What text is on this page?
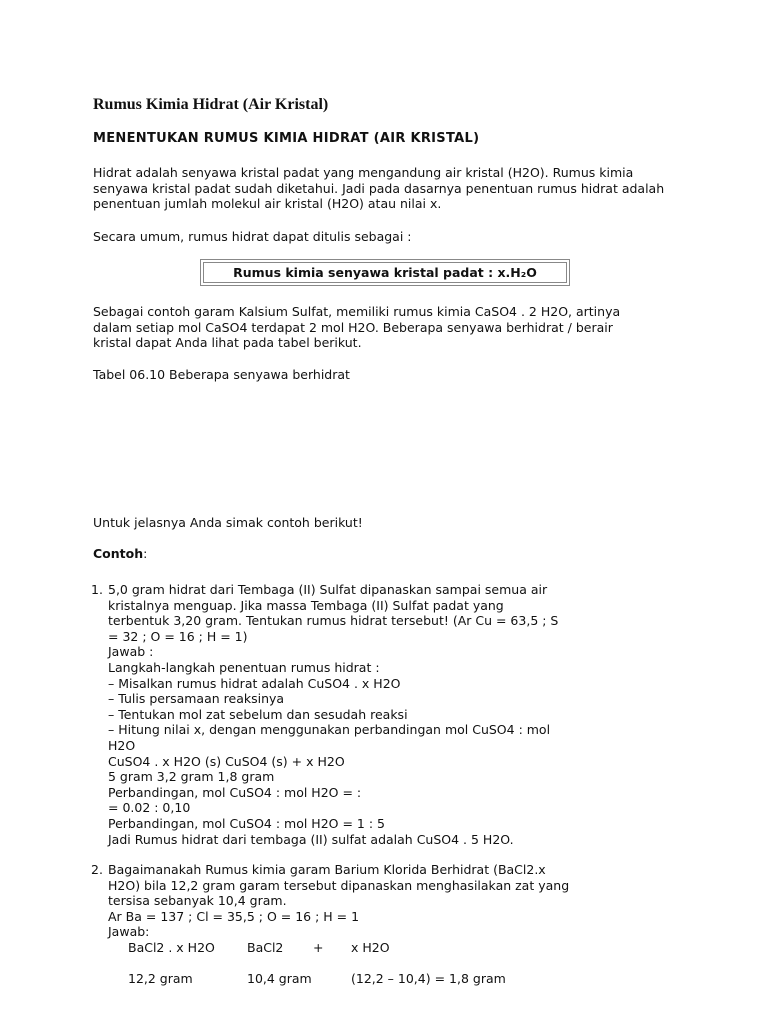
Rumus Kimia Hidrat (Air Kristal)
MENENTUKAN RUMUS KIMIA HIDRAT (AIR KRISTAL)

Hidrat adalah senyawa kristal padat yang mengandung air kristal (H2O). Rumus kimia senyawa kristal padat sudah diketahui. Jadi pada dasarnya penentuan rumus hidrat adalah penentuan jumlah molekul air kristal (H2O) atau nilai x.

Secara umum, rumus hidrat dapat ditulis sebagai :

Rumus kimia senyawa kristal padat : x.H₂O

Sebagai contoh garam Kalsium Sulfat, memiliki rumus kimia CaSO4 . 2 H2O, artinya dalam setiap mol CaSO4 terdapat 2 mol H2O. Beberapa senyawa berhidrat / berair kristal dapat Anda lihat pada tabel berikut.

Tabel 06.10 Beberapa senyawa berhidrat

Untuk jelasnya Anda simak contoh berikut!

Contoh:

1. 5,0 gram hidrat dari Tembaga (II) Sulfat dipanaskan sampai semua air
kristalnya menguap. Jika massa Tembaga (II) Sulfat padat yang
terbentuk 3,20 gram. Tentukan rumus hidrat tersebut! (Ar Cu = 63,5 ; S
= 32 ; O = 16 ; H = 1)
Jawab :
Langkah-langkah penentuan rumus hidrat :
– Misalkan rumus hidrat adalah CuSO4 . x H2O
– Tulis persamaan reaksinya
– Tentukan mol zat sebelum dan sesudah reaksi
– Hitung nilai x, dengan menggunakan perbandingan mol CuSO4 : mol
H2O
CuSO4 . x H2O (s) CuSO4 (s) + x H2O
5 gram 3,2 gram 1,8 gram
Perbandingan, mol CuSO4 : mol H2O = :
= 0.02 : 0,10
Perbandingan, mol CuSO4 : mol H2O = 1 : 5
Jadi Rumus hidrat dari tembaga (II) sulfat adalah CuSO4 . 5 H2O.
2. Bagaimanakah Rumus kimia garam Barium Klorida Berhidrat (BaCl2.x
H2O) bila 12,2 gram garam tersebut dipanaskan menghasilakan zat yang
tersisa sebanyak 10,4 gram.
Ar Ba = 137 ; Cl = 35,5 ; O = 16 ; H = 1
Jawab:
BaCl2 . x H2O	BaCl2 + x H2O
12,2 gram	10,4 gram	(12,2 – 10,4) = 1,8 gram
